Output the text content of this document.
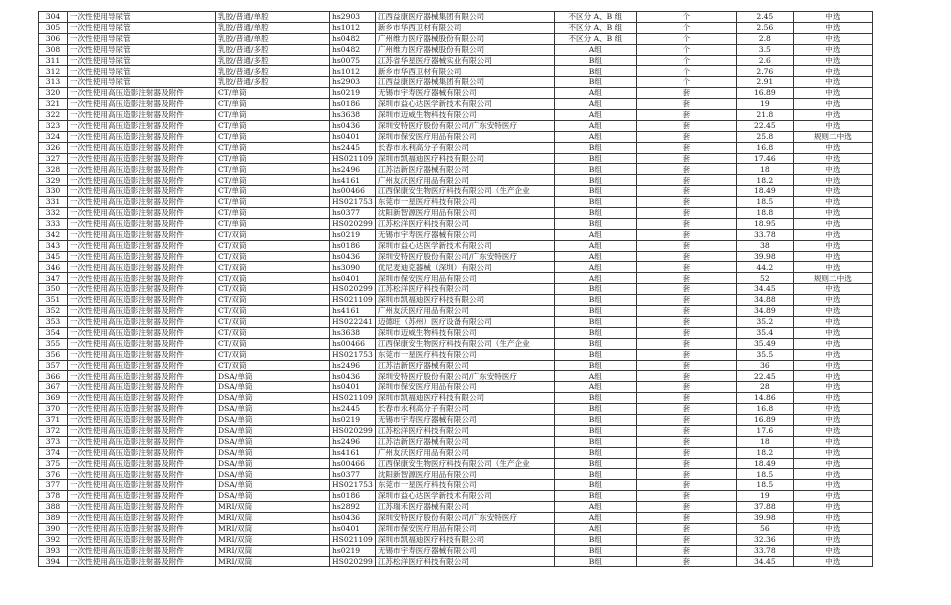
304	一次性使用导尿管	乳胶/普通/单腔	hs2903	江西益康医疗器械集团有限公司	不区分 A、B 组	个	2.45	中选
305	一次性使用导尿管	乳胶/普通/单腔	hs1012	新乡市华西卫材有限公司	不区分 A、B 组	个	2.56	中选
306	一次性使用导尿管	乳胶/普通/单腔	hs0482	广州维力医疗器械股份有限公司	不区分 A、B 组	个	2.8	中选
308	一次性使用导尿管	乳胶/普通/多腔	hs0482	广州维力医疗器械股份有限公司	A组	个	3.5	中选
311	一次性使用导尿管	乳胶/普通/多腔	hs0075	江苏省华星医疗器械实业有限公司	B组	个	2.6	中选
312	一次性使用导尿管	乳胶/普通/多腔	hs1012	新乡市华西卫材有限公司	B组	个	2.76	中选
313	一次性使用导尿管	乳胶/普通/多腔	hs2903	江西益康医疗器械集团有限公司	B组	个	2.91	中选
320	一次性使用高压造影注射器及附件	CT/单筒	hs0219	无锡市宇寿医疗器械有限公司	A组	套	16.89	中选
321	一次性使用高压造影注射器及附件	CT/单筒	hs0186	深圳市益心达医学新技术有限公司	A组	套	19	中选
322	一次性使用高压造影注射器及附件	CT/单筒	hs3638	深圳市迈威生物科技有限公司	A组	套	21.8	中选
323	一次性使用高压造影注射器及附件	CT/单筒	hs0436	深圳安特医疗股份有限公司/广东安特医疗	A组	套	22.45	中选
324	一次性使用高压造影注射器及附件	CT/单筒	hs0401	深圳市保安医疗用品有限公司	A组	套	25.8	规则二中选
326	一次性使用高压造影注射器及附件	CT/单筒	hs2445	长春市永利高分子有限公司	B组	套	16.8	中选
327	一次性使用高压造影注射器及附件	CT/单筒	HS021109	深圳市凯福迪医疗科技有限公司	B组	套	17.46	中选
328	一次性使用高压造影注射器及附件	CT/单筒	hs2496	江苏洁新医疗器械有限公司	B组	套	18	中选
329	一次性使用高压造影注射器及附件	CT/单筒	hs4161	广州友沃医疗用品有限公司	B组	套	18.2	中选
330	一次性使用高压造影注射器及附件	CT/单筒	hs00466	江西保康安生物医疗科技有限公司（生产企业	B组	套	18.49	中选
331	一次性使用高压造影注射器及附件	CT/单筒	HS021753	东莞市一星医疗科技有限公司	B组	套	18.5	中选
332	一次性使用高压造影注射器及附件	CT/单筒	hs0377	沈阳新智源医疗用品有限公司	B组	套	18.8	中选
333	一次性使用高压造影注射器及附件	CT/单筒	HS020299	江苏松洋医疗科技有限公司	B组	套	18.95	中选
342	一次性使用高压造影注射器及附件	CT/双筒	hs0219	无锡市宇寿医疗器械有限公司	A组	套	33.78	中选
343	一次性使用高压造影注射器及附件	CT/双筒	hs0186	深圳市益心达医学新技术有限公司	A组	套	38	中选
345	一次性使用高压造影注射器及附件	CT/双筒	hs0436	深圳安特医疗股份有限公司/广东安特医疗	A组	套	39.98	中选
346	一次性使用高压造影注射器及附件	CT/双筒	hs3090	优尼麦迪克器械（深圳）有限公司	A组	套	44.2	中选
347	一次性使用高压造影注射器及附件	CT/双筒	hs0401	深圳市保安医疗用品有限公司	A组	套	52	规则二中选
350	一次性使用高压造影注射器及附件	CT/双筒	HS020299	江苏松洋医疗科技有限公司	B组	套	34.45	中选
351	一次性使用高压造影注射器及附件	CT/双筒	HS021109	深圳市凯福迪医疗科技有限公司	B组	套	34.88	中选
352	一次性使用高压造影注射器及附件	CT/双筒	hs4161	广州友沃医疗用品有限公司	B组	套	34.89	中选
353	一次性使用高压造影注射器及附件	CT/双筒	HS022241	迈德旺（苏州）医疗设备有限公司	B组	套	35.2	中选
354	一次性使用高压造影注射器及附件	CT/双筒	hs3638	深圳市迈威生物科技有限公司	B组	套	35.4	中选
355	一次性使用高压造影注射器及附件	CT/双筒	hs00466	江西保康安生物医疗科技有限公司（生产企业	B组	套	35.49	中选
356	一次性使用高压造影注射器及附件	CT/双筒	HS021753	东莞市一星医疗科技有限公司	B组	套	35.5	中选
357	一次性使用高压造影注射器及附件	CT/双筒	hs2496	江苏洁新医疗器械有限公司	B组	套	36	中选
366	一次性使用高压造影注射器及附件	DSA/单筒	hs0436	深圳安特医疗股份有限公司/广东安特医疗	A组	套	22.45	中选
367	一次性使用高压造影注射器及附件	DSA/单筒	hs0401	深圳市保安医疗用品有限公司	A组	套	28	中选
369	一次性使用高压造影注射器及附件	DSA/单筒	HS021109	深圳市凯福迪医疗科技有限公司	B组	套	14.86	中选
370	一次性使用高压造影注射器及附件	DSA/单筒	hs2445	长春市永利高分子有限公司	B组	套	16.8	中选
371	一次性使用高压造影注射器及附件	DSA/单筒	hs0219	无锡市宇寿医疗器械有限公司	B组	套	16.89	中选
372	一次性使用高压造影注射器及附件	DSA/单筒	HS020299	江苏松洋医疗科技有限公司	B组	套	17.6	中选
373	一次性使用高压造影注射器及附件	DSA/单筒	hs2496	江苏洁新医疗器械有限公司	B组	套	18	中选
374	一次性使用高压造影注射器及附件	DSA/单筒	hs4161	广州友沃医疗用品有限公司	B组	套	18.2	中选
375	一次性使用高压造影注射器及附件	DSA/单筒	hs00466	江西保康安生物医疗科技有限公司（生产企业	B组	套	18.49	中选
376	一次性使用高压造影注射器及附件	DSA/单筒	hs0377	沈阳新智源医疗用品有限公司	B组	套	18.5	中选
377	一次性使用高压造影注射器及附件	DSA/单筒	HS021753	东莞市一星医疗科技有限公司	B组	套	18.5	中选
378	一次性使用高压造影注射器及附件	DSA/单筒	hs0186	深圳市益心达医学新技术有限公司	B组	套	19	中选
388	一次性使用高压造影注射器及附件	MRI/双筒	hs2892	江苏瑞禾医疗器械有限公司	A组	套	37.88	中选
389	一次性使用高压造影注射器及附件	MRI/双筒	hs0436	深圳安特医疗股份有限公司/广东安特医疗	A组	套	39.98	中选
390	一次性使用高压造影注射器及附件	MRI/双筒	hs0401	深圳市保安医疗用品有限公司	A组	套	56	中选
392	一次性使用高压造影注射器及附件	MRI/双筒	HS021109	深圳市凯福迪医疗科技有限公司	B组	套	32.36	中选
393	一次性使用高压造影注射器及附件	MRI/双筒	hs0219	无锡市宇寿医疗器械有限公司	B组	套	33.78	中选
394	一次性使用高压造影注射器及附件	MRI/双筒	HS020299	江苏松洋医疗科技有限公司	B组	套	34.45	中选
